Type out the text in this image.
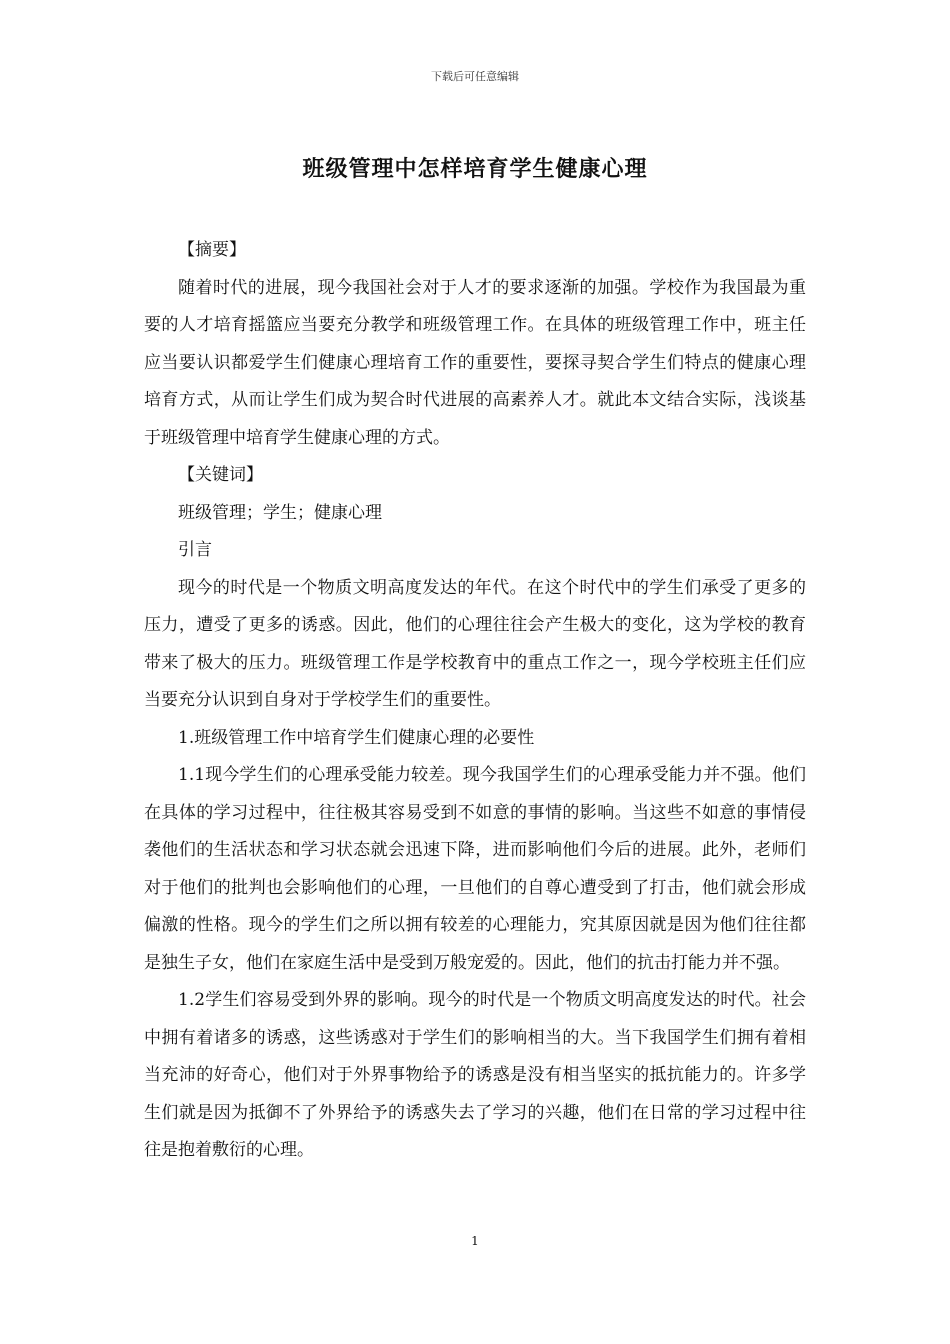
下载后可任意编辑
班级管理中怎样培育学生健康心理

【摘要】

随着时代的进展，现今我国社会对于人才的要求逐渐的加强。学校作为我国最为重要的人才培育摇篮应当要充分教学和班级管理工作。在具体的班级管理工作中，班主任应当要认识都爱学生们健康心理培育工作的重要性，要探寻契合学生们特点的健康心理培育方式，从而让学生们成为契合时代进展的高素养人才。就此本文结合实际，浅谈基于班级管理中培育学生健康心理的方式。

【关键词】

班级管理；学生；健康心理

引言

现今的时代是一个物质文明高度发达的年代。在这个时代中的学生们承受了更多的压力，遭受了更多的诱惑。因此，他们的心理往往会产生极大的变化，这为学校的教育带来了极大的压力。班级管理工作是学校教育中的重点工作之一，现今学校班主任们应当要充分认识到自身对于学校学生们的重要性。

1.班级管理工作中培育学生们健康心理的必要性

1.1现今学生们的心理承受能力较差。现今我国学生们的心理承受能力并不强。他们在具体的学习过程中，往往极其容易受到不如意的事情的影响。当这些不如意的事情侵袭他们的生活状态和学习状态就会迅速下降，进而影响他们今后的进展。此外，老师们对于他们的批判也会影响他们的心理，一旦他们的自尊心遭受到了打击，他们就会形成偏激的性格。现今的学生们之所以拥有较差的心理能力，究其原因就是因为他们往往都是独生子女，他们在家庭生活中是受到万般宠爱的。因此，他们的抗击打能力并不强。

1.2学生们容易受到外界的影响。现今的时代是一个物质文明高度发达的时代。社会中拥有着诸多的诱惑，这些诱惑对于学生们的影响相当的大。当下我国学生们拥有着相当充沛的好奇心，他们对于外界事物给予的诱惑是没有相当坚实的抵抗能力的。许多学生们就是因为抵御不了外界给予的诱惑失去了学习的兴趣，他们在日常的学习过程中往往是抱着敷衍的心理。

1
